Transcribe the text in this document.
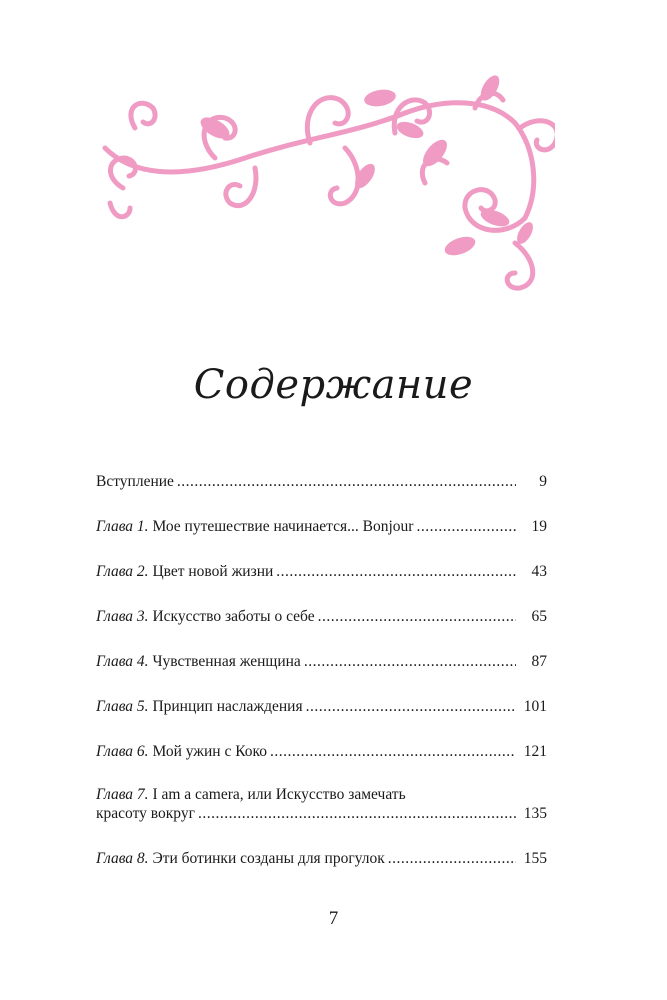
Содержание
Вступление .....	9
Глава 1. Мое путешествие начинается... Bonjour .....	19
Глава 2. Цвет новой жизни .....	43
Глава 3. Искусство заботы о себе .....	65
Глава 4. Чувственная женщина .....	87
Глава 5. Принцип наслаждения .....	101
Глава 6. Мой ужин с Коко .....	121
Глава 7. I am a camera, или Искусство замечать
красоту вокруг .....	135
Глава 8. Эти ботинки созданы для прогулок .....	155
7
